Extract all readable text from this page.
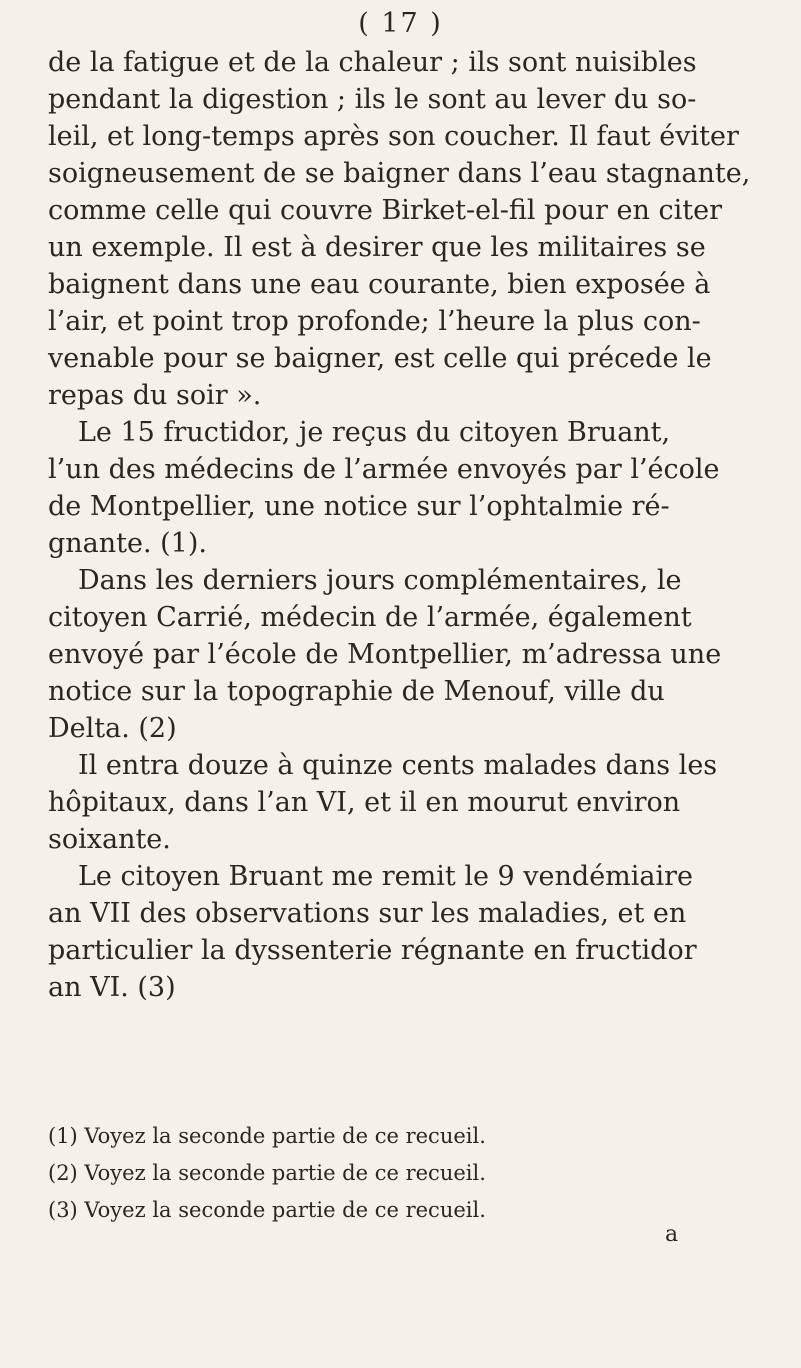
( 17 )

de la fatigue et de la chaleur ; ils sont nuisibles
pendant la digestion ; ils le sont au lever du so-
leil, et long-temps après son coucher. Il faut éviter
soigneusement de se baigner dans l’eau stagnante,
comme celle qui couvre Birket-el-fil pour en citer
un exemple. Il est à desirer que les militaires se
baignent dans une eau courante, bien exposée à
l’air, et point trop profonde; l’heure la plus con-
venable pour se baigner, est celle qui précede le
repas du soir ».

Le 15 fructidor, je reçus du citoyen Bruant,
l’un des médecins de l’armée envoyés par l’école
de Montpellier, une notice sur l’ophtalmie ré-
gnante. (1).

Dans les derniers jours complémentaires, le
citoyen Carrié, médecin de l’armée, également
envoyé par l’école de Montpellier, m’adressa une
notice sur la topographie de Menouf, ville du
Delta. (2)

Il entra douze à quinze cents malades dans les
hôpitaux, dans l’an VI, et il en mourut environ
soixante.

Le citoyen Bruant me remit le 9 vendémiaire
an VII des observations sur les maladies, et en
particulier la dyssenterie régnante en fructidor
an VI. (3)

(1) Voyez la seconde partie de ce recueil.
(2) Voyez la seconde partie de ce recueil.
(3) Voyez la seconde partie de ce recueil.
a
